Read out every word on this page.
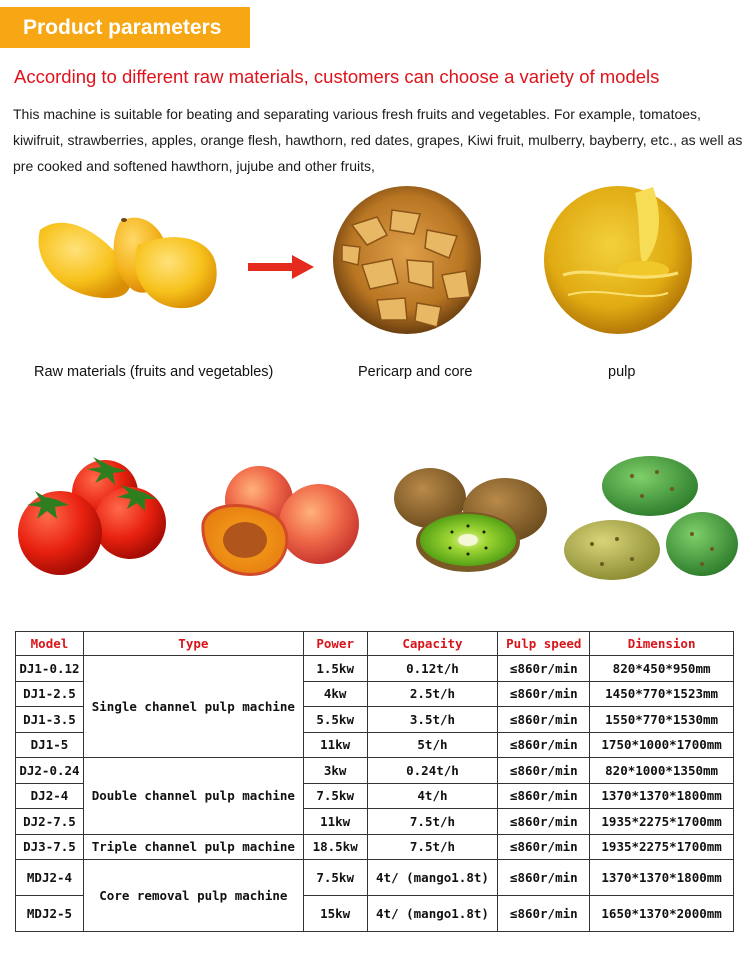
Product parameters
According to different raw materials, customers can choose a variety of models
This machine is suitable for beating and separating various fresh fruits and vegetables. For example, tomatoes, kiwifruit, strawberries, apples, orange flesh, hawthorn, red dates, grapes, Kiwi fruit, mulberry, bayberry, etc., as well as pre cooked and softened hawthorn, jujube and other fruits,
Raw materials (fruits and vegetables)	Pericarp and core	pulp
Model	Type	Power	Capacity	Pulp speed	Dimension
DJ1-0.12	Single channel pulp machine	1.5kw	0.12t/h	≤860r/min	820*450*950mm
DJ1-2.5		4kw	2.5t/h	≤860r/min	1450*770*1523mm
DJ1-3.5		5.5kw	3.5t/h	≤860r/min	1550*770*1530mm
DJ1-5		11kw	5t/h	≤860r/min	1750*1000*1700mm
DJ2-0.24	Double channel pulp machine	3kw	0.24t/h	≤860r/min	820*1000*1350mm
DJ2-4		7.5kw	4t/h	≤860r/min	1370*1370*1800mm
DJ2-7.5		11kw	7.5t/h	≤860r/min	1935*2275*1700mm
DJ3-7.5	Triple channel pulp machine	18.5kw	7.5t/h	≤860r/min	1935*2275*1700mm
MDJ2-4	Core removal pulp machine	7.5kw	4t/ (mango1.8t)	≤860r/min	1370*1370*1800mm
MDJ2-5		15kw	4t/ (mango1.8t)	≤860r/min	1650*1370*2000mm
